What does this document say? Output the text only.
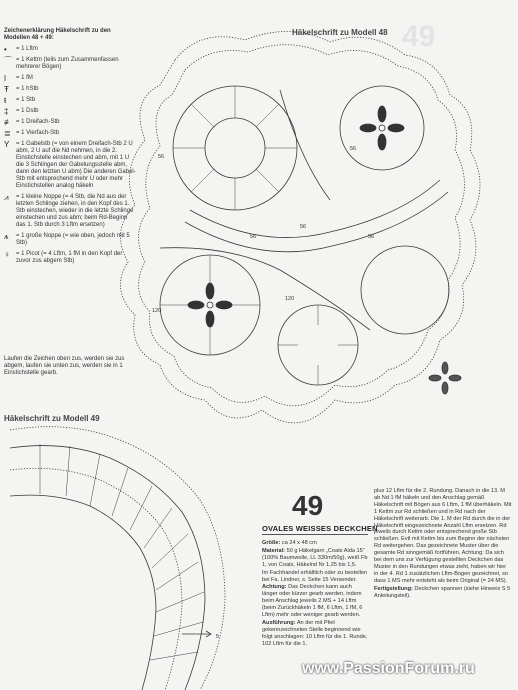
49
Zeichenerklärung Häkelschrift zu den Modellen 48 + 49:
•	= 1 Lftm
⌒ = 1 Kettm (teils zum Zusammenfassen mehrerer Bögen)
ǀ	= 1 fM
Ŧ	= 1 hStb
ŧ	= 1 Stb
‡	= 1 Dstb
≢ = 1 Dreifach-Stb
≣ = 1 Vierfach-Stb
Y	= 1 Gabelstb (= von einem Dreifach-Stb 2 U abm, 2 U auf die Nd nehmen, in die 2. Einstichstelle einstechen und abm, mit 1 U die 3 Schlingen der Gabelungsstelle abm, dann den letzten U abm) Die anderen Gabel-Stb mit entsprechend mehr U oder mehr Einstichstellen analog häkeln
⩘	= 1 kleine Noppe (= 4 Stb, die Nd aus der letzten Schlinge ziehen, in den Kopf des 1. Stb einstechen, wieder in die letzte Schlinge einstechen und zus abm; beim Rd-Beginn das 1. Stb durch 3 Lftm ersetzen)
⩚	= 1 große Noppe (= wie oben, jedoch mit 5 Stb)
♀	= 1 Picot (= 4 Lftm, 1 fM in den Kopf der zuvor zus abgem Stb)
Laufen die Zeichen oben zus, werden sie zus abgem, laufen sie unten zus, werden sie in 1 Einstichstelle gearb.
Häkelschrift zu Modell 48
Häkelschrift zu Modell 49
56
56
56
56
120
56
120
5
49
OVALES WEISSES DECKCHEN

Größe: ca 24 x 48 cm

Material: 50 g Häkelgarn „Coats Alda 15“ (100% Baumwolle, LL 330m/50g), weiß Fb 1, von Coats, Häkelnd Nr 1,25 bis 1,5.

Im Fachhandel erhältlich oder zu bestellen bei Fa. Lindner, s. Seite 15 Versender.

Achtung: Das Deckchen kann auch länger oder kürzer gearb werden, indem beim Anschlag jeweils 2 MS + 14 Lftm (beim Zurückhäkeln 1 fM, 6 Lftm, 1 fM, 6 Lftm) mehr oder weniger gearb werden.

Ausführung: An der mit Pfeil gekennzeichneten Stelle beginnend wie folgt anschlagen: 10 Lftm für die 1. Runde, 102 Lftm für die 1.

plus 12 Lftm für die 2. Rundung. Danach in die 13. M ab Nd 1 fM häkeln und den Anschlag gemäß Häkelschrift mit Bögen aus 6 Lftm, 1 fM überhäkeln. Mit 1 Kettm zur Rd schließen und in Rd nach der Häkelschrift weiterarb. Die 1. M der Rd durch die in der Häkelschrift eingezeichnete Anzahl Lftm ersetzen. Rd jeweils durch Kettm oder entsprechend große Stb schließen. Evtl mit Kettm bis zum Beginn der nächsten Rd weitergehen. Das gezeichnete Muster über die gesamte Rd sinngemäß fortführen. Achtung: Da sich bei dem uns zur Verfügung gestellten Deckchen das Muster in den Rundungen etwas zieht, haben wir hier in der 4. Rd 1 zusätzlichen Lftm-Bogen gezeichnet, so dass 1 MS mehr entsteht als beim Original (= 24 MS).

Fertigstellung: Deckchen spannen (siehe Hinweis S 5 Anleitungsteil).

www.PassionForum.ru
